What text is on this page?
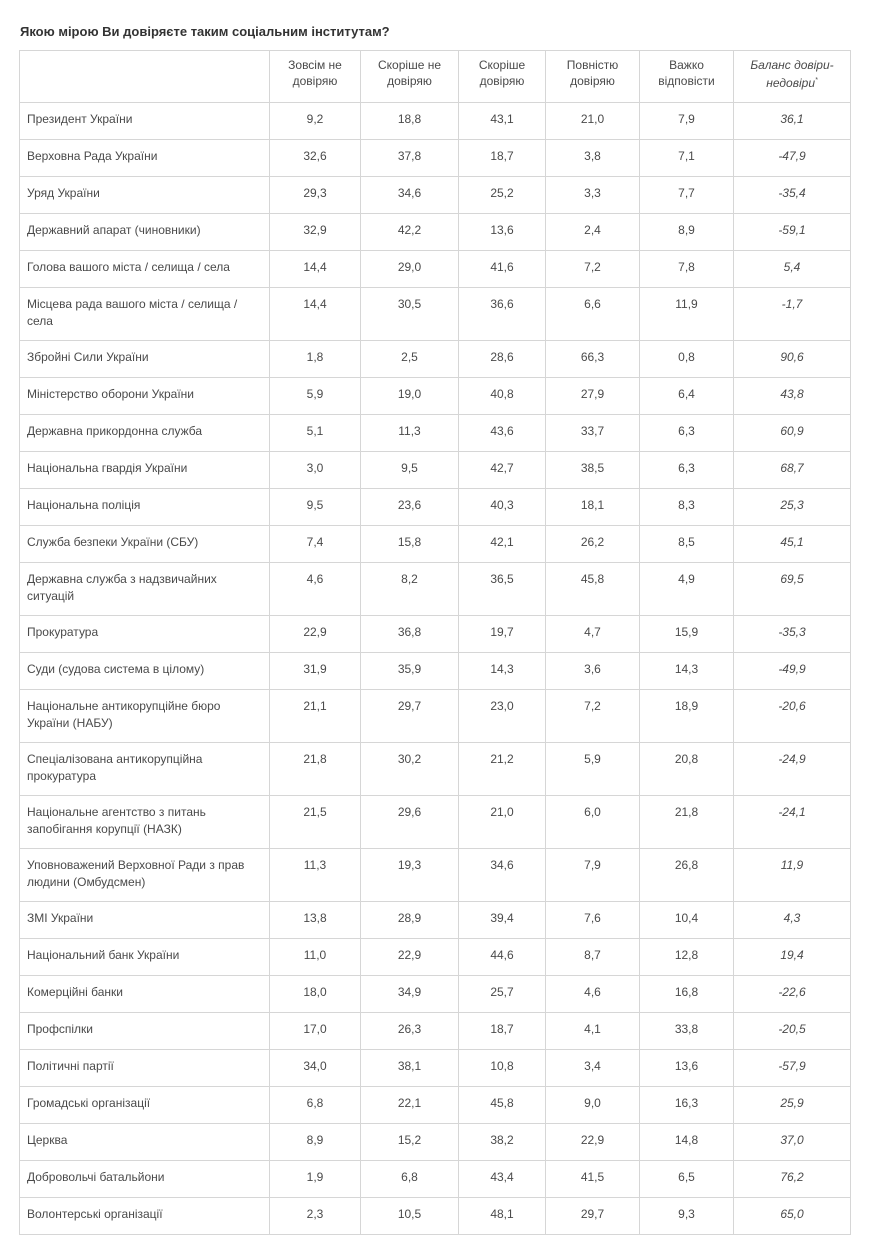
Якою мірою Ви довіряєте таким соціальним інститутам?
	Зовсім не довіряю	Скоріше не довіряю	Скоріше довіряю	Повністю довіряю	Важко відповісти	Баланс довіри-недовіри*
Президент України	9,2	18,8	43,1	21,0	7,9	36,1
Верховна Рада України	32,6	37,8	18,7	3,8	7,1	-47,9
Уряд України	29,3	34,6	25,2	3,3	7,7	-35,4
Державний апарат (чиновники)	32,9	42,2	13,6	2,4	8,9	-59,1
Голова вашого міста / селища / села	14,4	29,0	41,6	7,2	7,8	5,4
Місцева рада вашого міста / селища / села	14,4	30,5	36,6	6,6	11,9	-1,7
Збройні Сили України	1,8	2,5	28,6	66,3	0,8	90,6
Міністерство оборони України	5,9	19,0	40,8	27,9	6,4	43,8
Державна прикордонна служба	5,1	11,3	43,6	33,7	6,3	60,9
Національна гвардія України	3,0	9,5	42,7	38,5	6,3	68,7
Національна поліція	9,5	23,6	40,3	18,1	8,3	25,3
Служба безпеки України (СБУ)	7,4	15,8	42,1	26,2	8,5	45,1
Державна служба з надзвичайних ситуацій	4,6	8,2	36,5	45,8	4,9	69,5
Прокуратура	22,9	36,8	19,7	4,7	15,9	-35,3
Суди (судова система в цілому)	31,9	35,9	14,3	3,6	14,3	-49,9
Національне антикорупційне бюро України (НАБУ)	21,1	29,7	23,0	7,2	18,9	-20,6
Спеціалізована антикорупційна прокуратура	21,8	30,2	21,2	5,9	20,8	-24,9
Національне агентство з питань запобігання корупції (НАЗК)	21,5	29,6	21,0	6,0	21,8	-24,1
Уповноважений Верховної Ради з прав людини (Омбудсмен)	11,3	19,3	34,6	7,9	26,8	11,9
ЗМІ України	13,8	28,9	39,4	7,6	10,4	4,3
Національний банк України	11,0	22,9	44,6	8,7	12,8	19,4
Комерційні банки	18,0	34,9	25,7	4,6	16,8	-22,6
Профспілки	17,0	26,3	18,7	4,1	33,8	-20,5
Політичні партії	34,0	38,1	10,8	3,4	13,6	-57,9
Громадські організації	6,8	22,1	45,8	9,0	16,3	25,9
Церква	8,9	15,2	38,2	22,9	14,8	37,0
Добровольчі батальйони	1,9	6,8	43,4	41,5	6,5	76,2
Волонтерські організації	2,3	10,5	48,1	29,7	9,3	65,0
